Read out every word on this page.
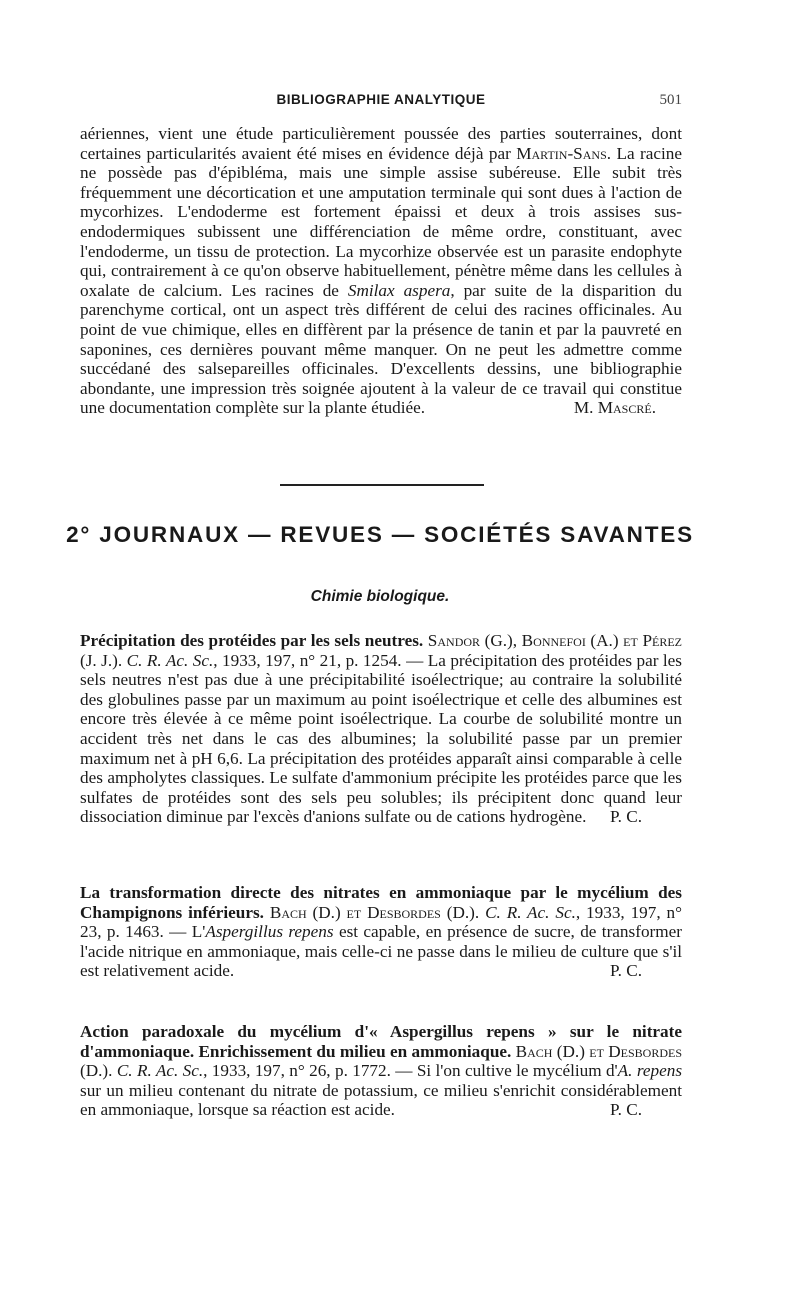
BIBLIOGRAPHIE ANALYTIQUE	501

aériennes, vient une étude particulièrement poussée des parties souterraines, dont certaines particularités avaient été mises en évidence déjà par Martin-Sans. La racine ne possède pas d'épibléma, mais une simple assise subéreuse. Elle subit très fréquemment une décortication et une amputation terminale qui sont dues à l'action de mycorhizes. L'endoderme est fortement épaissi et deux à trois assises sus-endodermiques subissent une différenciation de même ordre, constituant, avec l'endoderme, un tissu de protection. La mycorhize observée est un parasite endophyte qui, contrairement à ce qu'on observe habituellement, pénètre même dans les cellules à oxalate de calcium. Les racines de Smilax aspera, par suite de la disparition du parenchyme cortical, ont un aspect très différent de celui des racines officinales. Au point de vue chimique, elles en diffèrent par la présence de tanin et par la pauvreté en saponines, ces dernières pouvant même manquer. On ne peut les admettre comme succédané des salsepareilles officinales. D'excellents dessins, une bibliographie abondante, une impression très soignée ajoutent à la valeur de ce travail qui constitue une documentation complète sur la plante étudiée.	M. Mascré.

2° JOURNAUX — REVUES — SOCIÉTÉS SAVANTES
Chimie biologique.

Précipitation des protéides par les sels neutres. Sandor (G.), Bonnefoi (A.) et Pérez (J. J.). C. R. Ac. Sc., 1933, 197, n° 21, p. 1254. — La précipitation des protéides par les sels neutres n'est pas due à une précipitabilité isoélectrique; au contraire la solubilité des globulines passe par un maximum au point isoélectrique et celle des albumines est encore très élevée à ce même point isoélectrique. La courbe de solubilité montre un accident très net dans le cas des albumines; la solubilité passe par un premier maximum net à pH 6,6. La précipitation des protéides apparaît ainsi comparable à celle des ampholytes classiques. Le sulfate d'ammonium précipite les protéides parce que les sulfates de protéides sont des sels peu solubles; ils précipitent donc quand leur dissociation diminue par l'excès d'anions sulfate ou de cations hydrogène. P. C.

La transformation directe des nitrates en ammoniaque par le mycélium des Champignons inférieurs. Bach (D.) et Desbordes (D.). C. R. Ac. Sc., 1933, 197, n° 23, p. 1463. — L'Aspergillus repens est capable, en présence de sucre, de transformer l'acide nitrique en ammoniaque, mais celle-ci ne passe dans le milieu de culture que s'il est relativement acide.	P. C.

Action paradoxale du mycélium d'« Aspergillus repens » sur le nitrate d'ammoniaque. Enrichissement du milieu en ammoniaque. Bach (D.) et Desbordes (D.). C. R. Ac. Sc., 1933, 197, n° 26, p. 1772. — Si l'on cultive le mycélium d'A. repens sur un milieu contenant du nitrate de potassium, ce milieu s'enrichit considérablement en ammoniaque, lorsque sa réaction est acide.	P. C.
